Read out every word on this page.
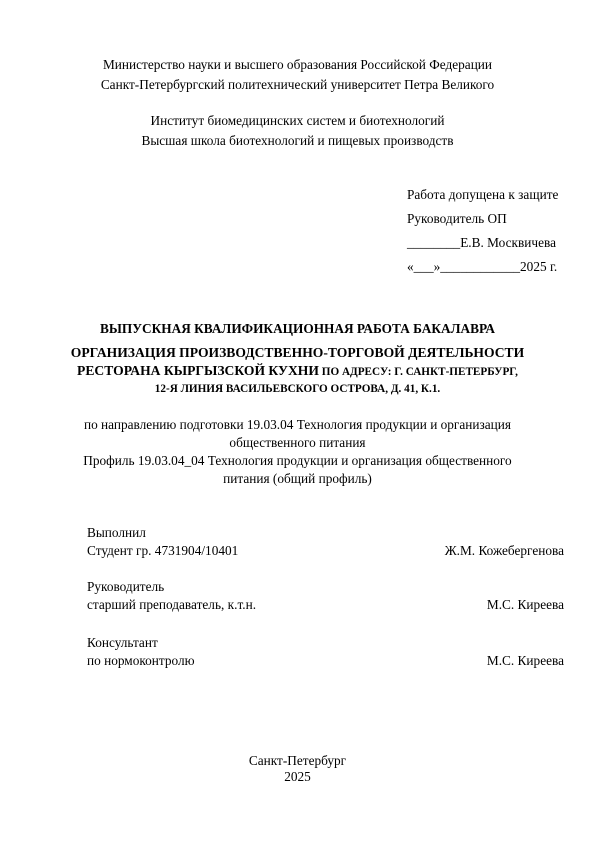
Министерство науки и высшего образования Российской Федерации
Санкт-Петербургский политехнический университет Петра Великого
Институт биомедицинских систем и биотехнологий
Высшая школа биотехнологий и пищевых производств
Работа допущена к защите
Руководитель ОП
________Е.В. Москвичева
«___»____________2025 г.
ВЫПУСКНАЯ КВАЛИФИКАЦИОННАЯ РАБОТА БАКАЛАВРА
ОРГАНИЗАЦИЯ ПРОИЗВОДСТВЕННО-ТОРГОВОЙ ДЕЯТЕЛЬНОСТИ
РЕСТОРАНА КЫРГЫЗСКОЙ КУХНИ ПО АДРЕСУ: Г. САНКТ-ПЕТЕРБУРГ,
12-Я ЛИНИЯ ВАСИЛЬЕВСКОГО ОСТРОВА, Д. 41, К.1.
по направлению подготовки 19.03.04 Технология продукции и организация
общественного питания
Профиль 19.03.04_04 Технология продукции и организация общественного
питания (общий профиль)
Выполнил
Студент гр. 4731904/10401	Ж.М. Кожебергенова
Руководитель
старший преподаватель, к.т.н.	М.С. Киреева
Консультант
по нормоконтролю	М.С. Киреева
Санкт-Петербург
2025
